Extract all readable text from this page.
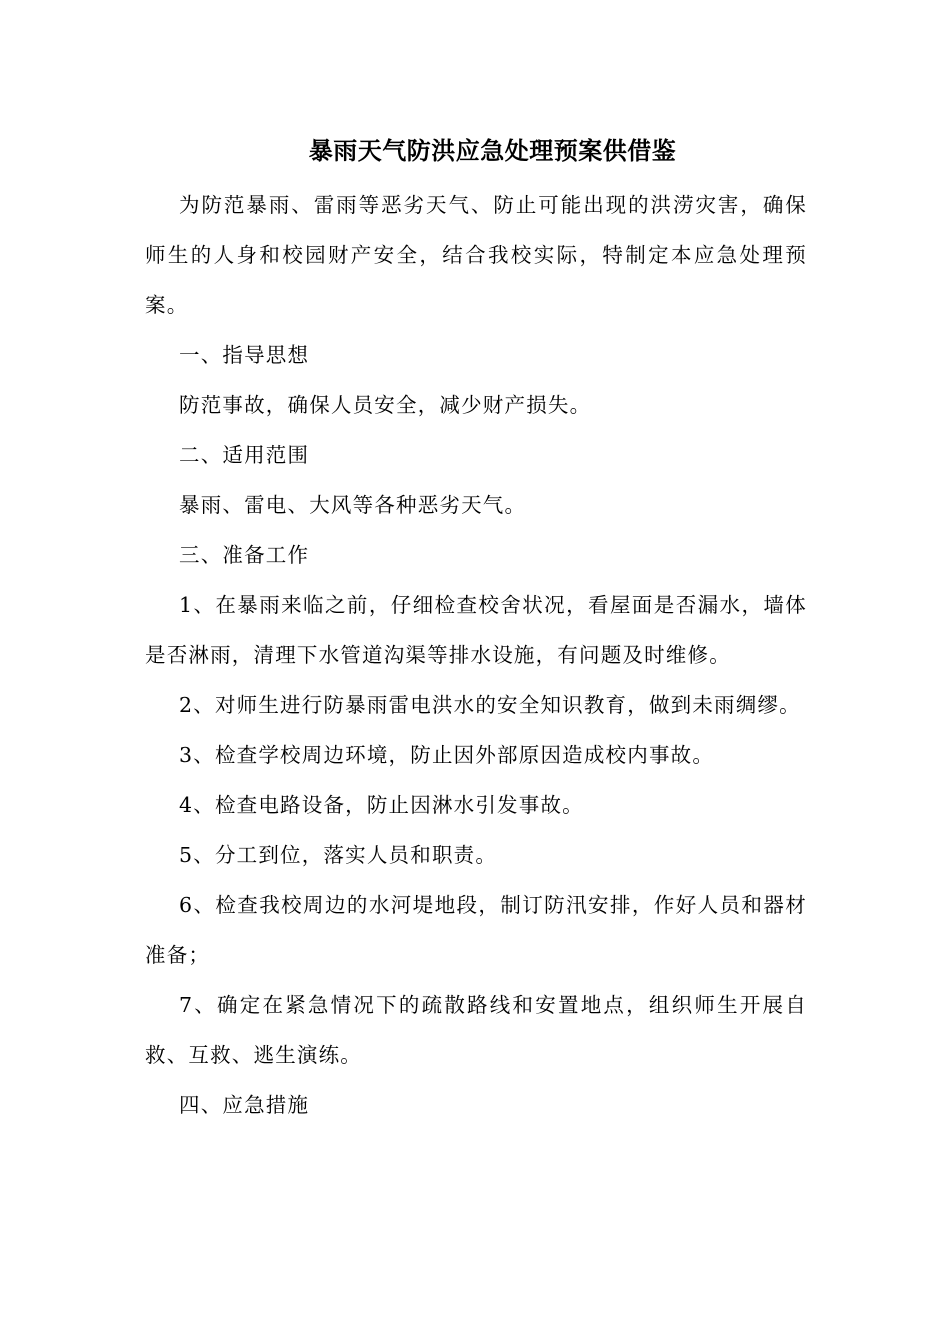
暴雨天气防洪应急处理预案供借鉴

为防范暴雨、雷雨等恶劣天气、防止可能出现的洪涝灾害，确保师生的人身和校园财产安全，结合我校实际，特制定本应急处理预案。

一、指导思想

防范事故，确保人员安全，减少财产损失。

二、适用范围

暴雨、雷电、大风等各种恶劣天气。

三、准备工作

1、在暴雨来临之前，仔细检查校舍状况，看屋面是否漏水，墙体是否淋雨，清理下水管道沟渠等排水设施，有问题及时维修。

2、对师生进行防暴雨雷电洪水的安全知识教育，做到未雨绸缪。

3、检查学校周边环境，防止因外部原因造成校内事故。

4、检查电路设备，防止因淋水引发事故。

5、分工到位，落实人员和职责。

6、检查我校周边的水河堤地段，制订防汛安排，作好人员和器材准备；

7、确定在紧急情况下的疏散路线和安置地点，组织师生开展自救、互救、逃生演练。

四、应急措施
